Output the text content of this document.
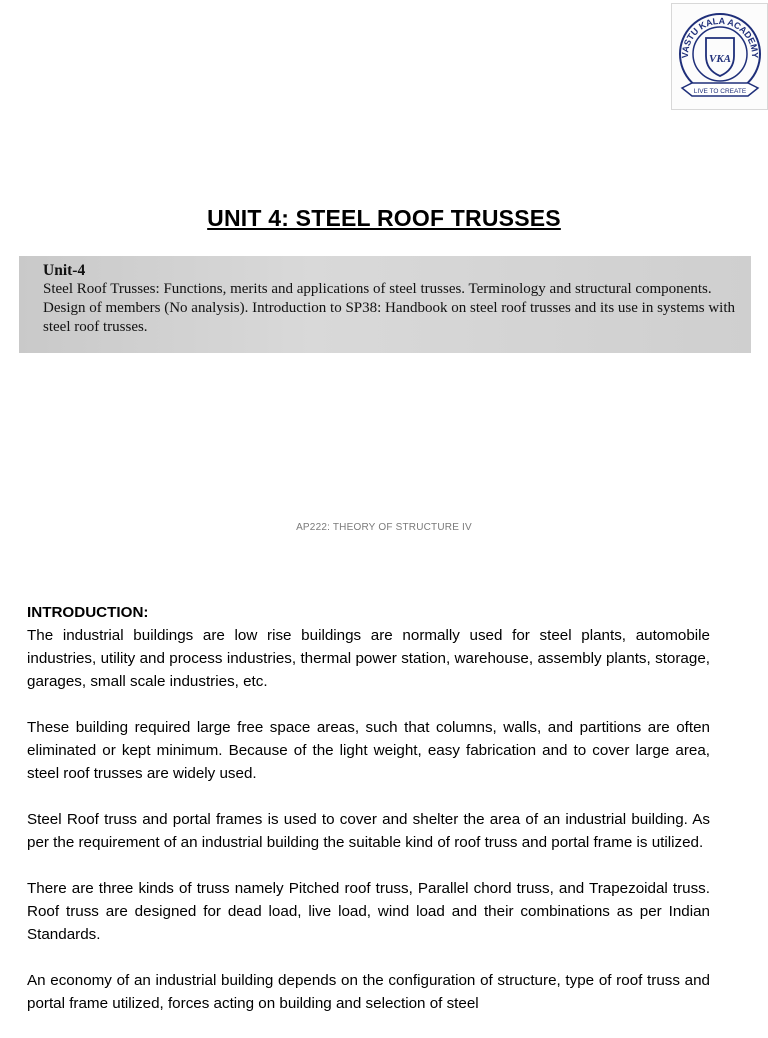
VASTU KALA ACADEMY
VKA
LIVE TO CREATE
UNIT 4: STEEL ROOF TRUSSES
Unit-4
Steel Roof Trusses: Functions, merits and applications of steel trusses. Terminology and structural components. Design of members (No analysis). Introduction to SP38: Handbook on steel roof trusses and its use in systems with steel roof trusses.
AP222: THEORY OF STRUCTURE IV
INTRODUCTION:

The industrial buildings are low rise buildings are normally used for steel plants, automobile industries, utility and process industries, thermal power station, warehouse, assembly plants, storage, garages, small scale industries, etc.

These building required large free space areas, such that columns, walls, and partitions are often eliminated or kept minimum. Because of the light weight, easy fabrication and to cover large area, steel roof trusses are widely used.

Steel Roof truss and portal frames is used to cover and shelter the area of an industrial building. As per the requirement of an industrial building the suitable kind of roof truss and portal frame is utilized.

There are three kinds of truss namely Pitched roof truss, Parallel chord truss, and Trapezoidal truss. Roof truss are designed for dead load, live load, wind load and their combinations as per Indian Standards.

An economy of an industrial building depends on the configuration of structure, type of roof truss and portal frame utilized, forces acting on building and selection of steel
